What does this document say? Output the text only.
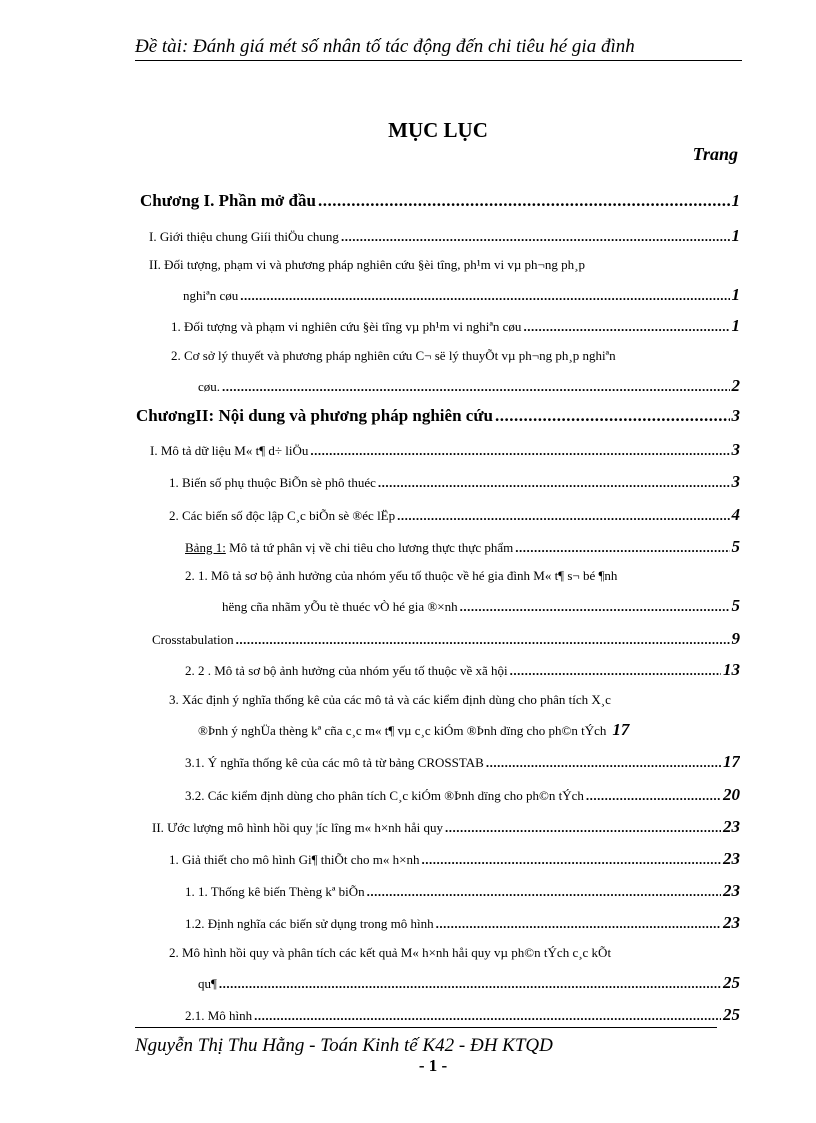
Đề tài: Đánh giá mét số nhân tố tác động đến chi tiêu hé gia đình
MỤC LỤC
Trang
Chương I. Phần mở đầu .....	1
I. Giới thiệu chung Giíi thiÖu chung .....	1
II. Đối tượng, phạm vi và phương pháp nghiên cứu §èi tîng, ph¹m vi vµ ph¬ng ph¸p
nghiªn cøu .....	1
1. Đối tượng và phạm vi nghiên cứu §èi tîng vµ ph¹m vi nghiªn cøu .....	1
2. Cơ sở lý thuyết và phương pháp nghiên cứu C¬ së lý thuyÕt vµ ph¬ng ph¸p nghiªn
cøu. .....	2
ChươngII: Nội dung và phương pháp nghiên cứu .....	3
I. Mô tả dữ liệu M« t¶ d÷ liÖu .....	3
1. Biến số phụ thuộc BiÕn sè phô thuéc .....	3
2. Các biến số độc lập C¸c biÕn sè ®éc lËp .....	4
Bảng 1: Mô tả tứ phân vị về chi tiêu cho lương thực thực phẩm .....	5
2. 1. Mô tả sơ bộ ảnh hưởng của nhóm yếu tố thuộc về hé gia đình M« t¶ s¬ bé ¶nh
hëng cña nhãm yÕu tè thuéc vÒ hé gia ®×nh .....	5
Crosstabulation .....	9
2. 2 . Mô tả sơ bộ ảnh hưởng của nhóm yếu tố thuộc về xã hội .....	13
3. Xác định ý nghĩa thống kê của các mô tả và các kiểm định dùng cho phân tích X¸c
®Þnh ý nghÜa thèng kª cña c¸c m« t¶ vµ c¸c kiÓm ®Þnh dïng cho ph©n tÝch 17
3.1. Ý nghĩa thống kê của các mô tả từ bảng CROSSTAB .....	17
3.2. Các kiểm định dùng cho phân tích C¸c kiÓm ®Þnh dïng cho ph©n tÝch .....	20
II. Ước lượng mô hình hồi quy ¦íc lîng m« h×nh håi quy .....	23
1. Giả thiết cho mô hình Gi¶ thiÕt cho m« h×nh .....	23
1. 1. Thống kê biến Thèng kª biÕn .....	23
1.2. Định nghĩa các biến sử dụng trong mô hình .....	23
2. Mô hình hồi quy và phân tích các kết quả M« h×nh håi quy vµ ph©n tÝch c¸c kÕt
qu¶ .....	25
2.1. Mô hình .....	25
Nguyễn Thị Thu Hằng - Toán Kinh tế K42 - ĐH KTQD
- 1 -
